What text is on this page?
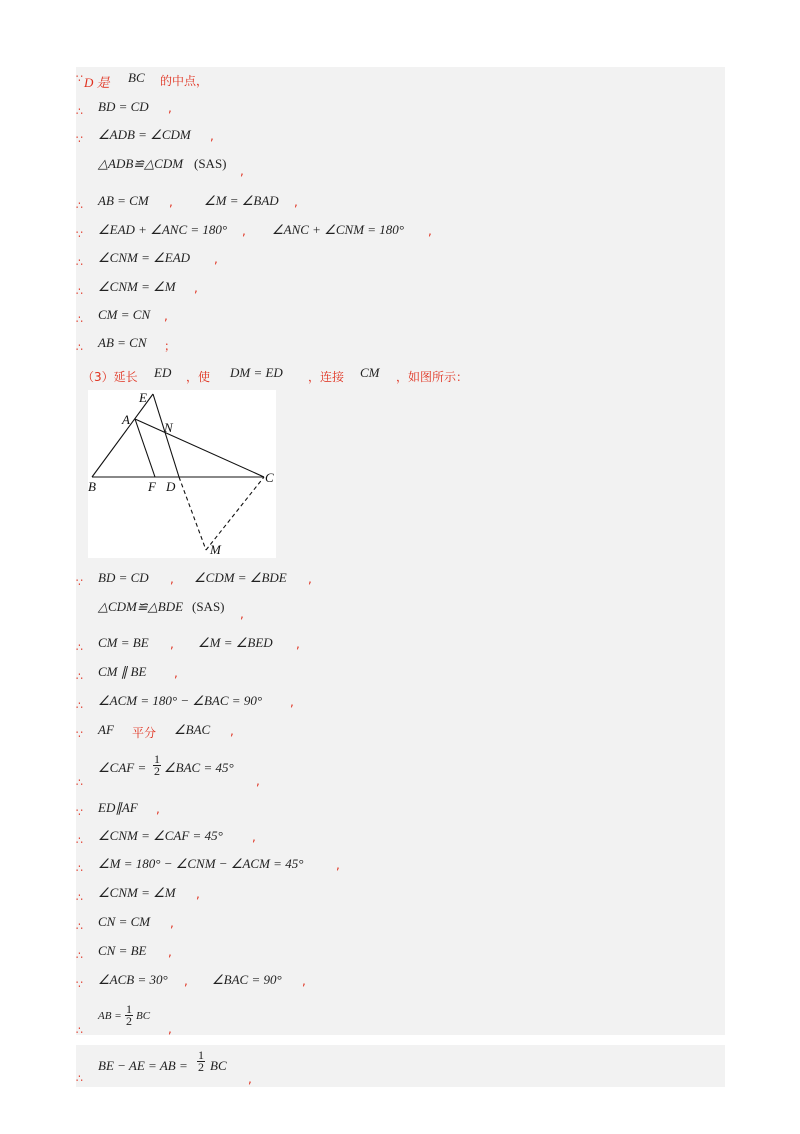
∵ D 是 BC 的中点，
∴ BD = CD ,
∵ ∠ADB = ∠CDM ,
△ADB≌△CDM (SAS) ,
∴ AB = CM , ∠M = ∠BAD ,
∵ ∠EAD + ∠ANC = 180° , ∠ANC + ∠CNM = 180° ,
∴ ∠CNM = ∠EAD ,
∴ ∠CNM = ∠M ,
∴ CM = CN ,
∴ AB = CN ；
（3）延长 ED ，使 DM = ED ，连接 CM ，如图所示：
A
B
C
D
E
F
M
N
∵ BD = CD , ∠CDM = ∠BDE ,
△CDM≌△BDE (SAS) ,
∴ CM = BE , ∠M = ∠BED ,
∴ CM ∥ BE ,
∴ ∠ACM = 180° − ∠BAC = 90° ,
∵ AF 平分 ∠BAC ,
∴
∠CAF = $\frac{1}{2}$ ∠BAC = 45°
,
∵ ED∥AF ,
∴ ∠CNM = ∠CAF = 45° ,
∴ ∠M = 180° − ∠CNM − ∠ACM = 45°	,
∴ ∠CNM = ∠M ,
∴ CN = CM ,
∴ CN = BE ,
∵ ∠ACB = 30° , ∠BAC = 90° ,
∴
AB = $\frac{1}{2}$ BC
,
∴
BE − AE = AB = $\frac{1}{2}$ BC
,
